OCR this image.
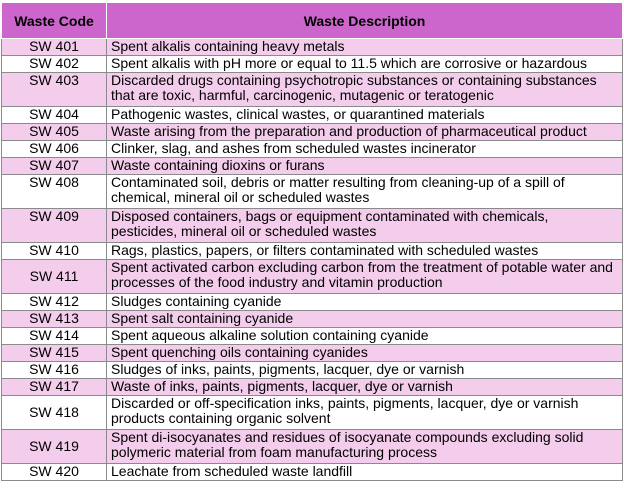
Waste Code	Waste Description
SW 401	Spent alkalis containing heavy metals
SW 402	Spent alkalis with pH more or equal to 11.5 which are corrosive or hazardous
SW 403	Discarded drugs containing psychotropic substances or containing substances that are toxic, harmful, carcinogenic, mutagenic or teratogenic
SW 404	Pathogenic wastes, clinical wastes, or quarantined materials
SW 405	Waste arising from the preparation and production of pharmaceutical product
SW 406	Clinker, slag, and ashes from scheduled wastes incinerator
SW 407	Waste containing dioxins or furans
SW 408	Contaminated soil, debris or matter resulting from cleaning-up of a spill of chemical, mineral oil or scheduled wastes
SW 409	Disposed containers, bags or equipment contaminated with chemicals, pesticides, mineral oil or scheduled wastes
SW 410	Rags, plastics, papers, or filters contaminated with scheduled wastes
SW 411	Spent activated carbon excluding carbon from the treatment of potable water and processes of the food industry and vitamin production
SW 412	Sludges containing cyanide
SW 413	Spent salt containing cyanide
SW 414	Spent aqueous alkaline solution containing cyanide
SW 415	Spent quenching oils containing cyanides
SW 416	Sludges of inks, paints, pigments, lacquer, dye or varnish
SW 417	Waste of inks, paints, pigments, lacquer, dye or varnish
SW 418	Discarded or off-specification inks, paints, pigments, lacquer, dye or varnish products containing organic solvent
SW 419	Spent di-isocyanates and residues of isocyanate compounds excluding solid polymeric material from foam manufacturing process
SW 420	Leachate from scheduled waste landfill
